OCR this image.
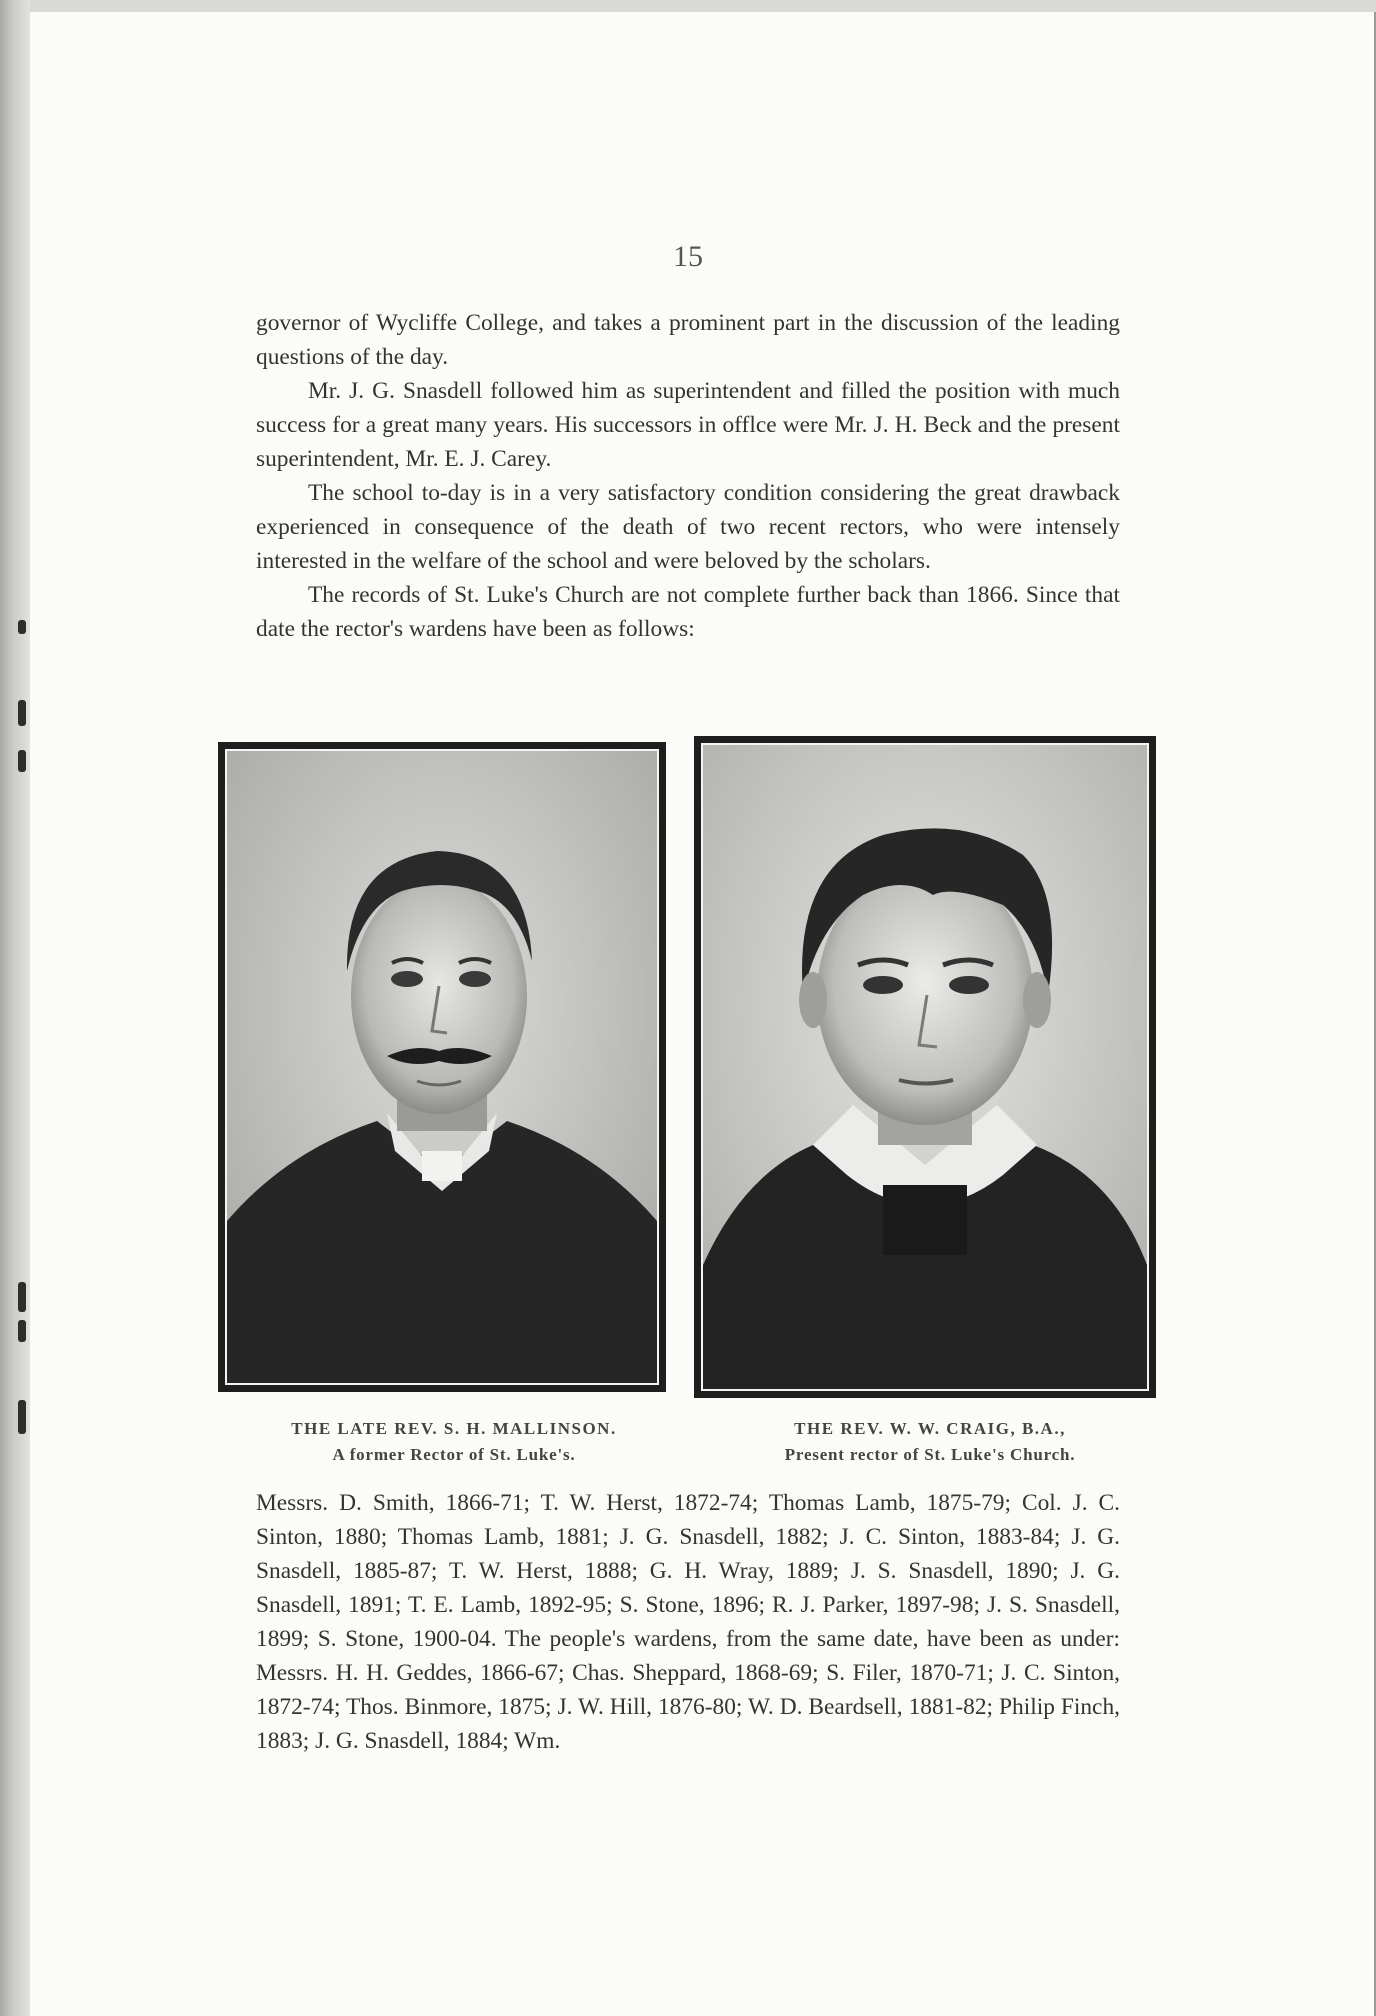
15

governor of Wycliffe College, and takes a prominent part in the discussion of the leading questions of the day.

Mr. J. G. Snasdell followed him as superintendent and filled the position with much success for a great many years. His successors in offlce were Mr. J. H. Beck and the present superintendent, Mr. E. J. Carey.

The school to-day is in a very satisfactory condition considering the great drawback experienced in consequence of the death of two recent rectors, who were intensely interested in the welfare of the school and were beloved by the scholars.

The records of St. Luke's Church are not complete further back than 1866. Since that date the rector's wardens have been as follows:

THE LATE REV. S. H. MALLINSON.
A former Rector of St. Luke's.
THE REV. W. W. CRAIG, B.A.,
Present rector of St. Luke's Church.

Messrs. D. Smith, 1866-71; T. W. Herst, 1872-74; Thomas Lamb, 1875-79; Col. J. C. Sinton, 1880; Thomas Lamb, 1881; J. G. Snasdell, 1882; J. C. Sinton, 1883-84; J. G. Snasdell, 1885-87; T. W. Herst, 1888; G. H. Wray, 1889; J. S. Snasdell, 1890; J. G. Snasdell, 1891; T. E. Lamb, 1892-95; S. Stone, 1896; R. J. Parker, 1897-98; J. S. Snasdell, 1899; S. Stone, 1900-04. The people's wardens, from the same date, have been as under: Messrs. H. H. Geddes, 1866-67; Chas. Sheppard, 1868-69; S. Filer, 1870-71; J. C. Sinton, 1872-74; Thos. Binmore, 1875; J. W. Hill, 1876-80; W. D. Beardsell, 1881-82; Philip Finch, 1883; J. G. Snasdell, 1884; Wm.
